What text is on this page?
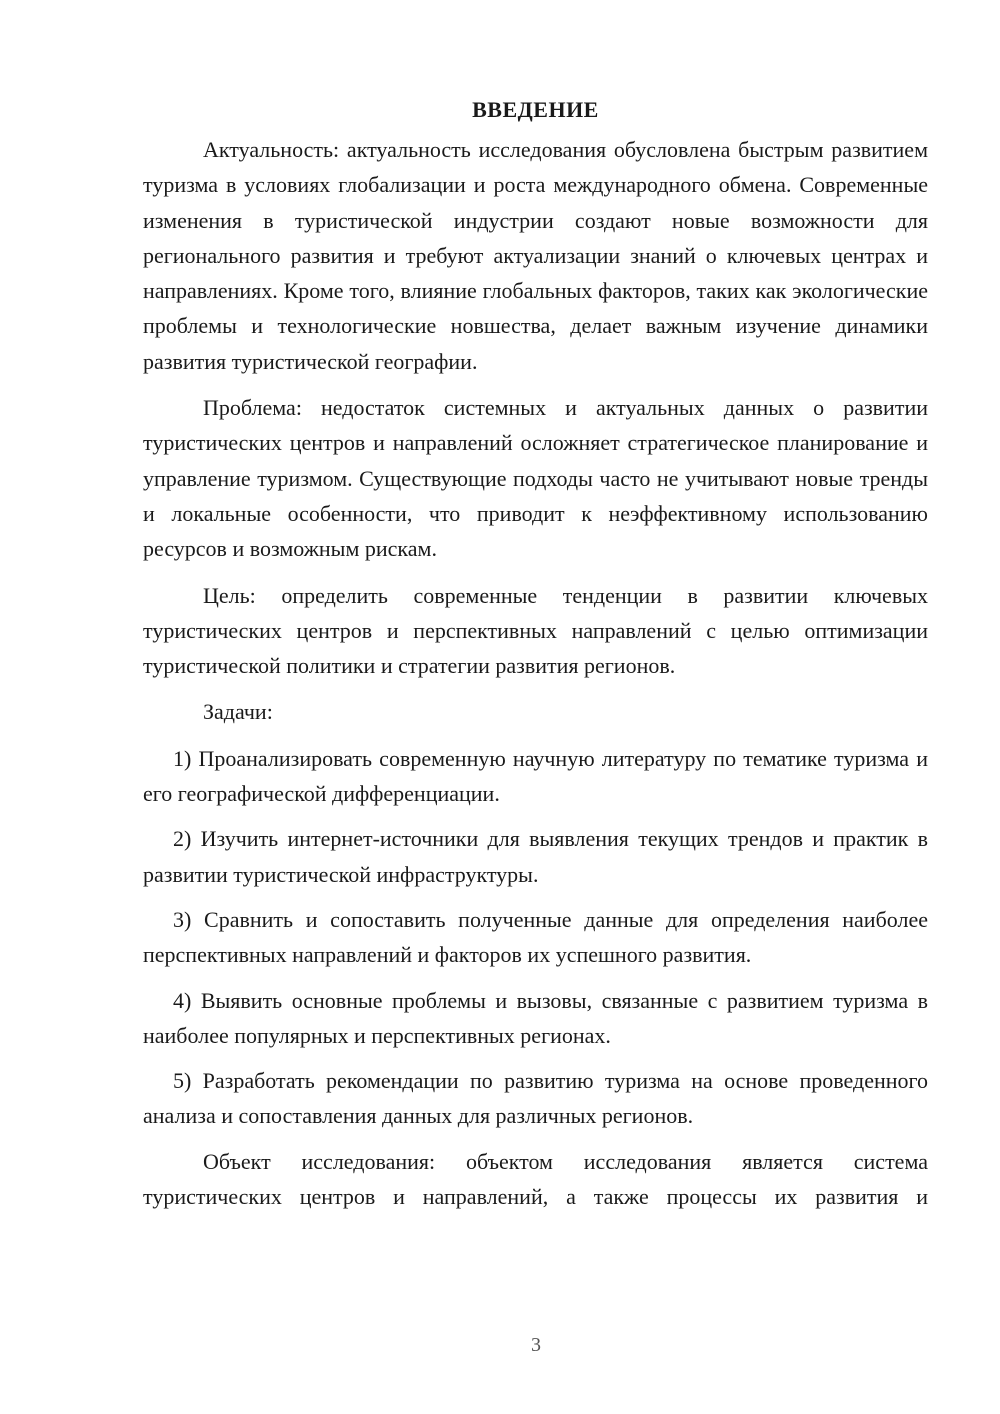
ВВЕДЕНИЕ

Актуальность: актуальность исследования обусловлена быстрым развитием туризма в условиях глобализации и роста международного обмена. Современные изменения в туристической индустрии создают новые возможности для регионального развития и требуют актуализации знаний о ключевых центрах и направлениях. Кроме того, влияние глобальных факторов, таких как экологические проблемы и технологические новшества, делает важным изучение динамики развития туристической географии.

Проблема: недостаток системных и актуальных данных о развитии туристических центров и направлений осложняет стратегическое планирование и управление туризмом. Существующие подходы часто не учитывают новые тренды и локальные особенности, что приводит к неэффективному использованию ресурсов и возможным рискам.

Цель: определить современные тенденции в развитии ключевых туристических центров и перспективных направлений с целью оптимизации туристической политики и стратегии развития регионов.

Задачи:

1) Проанализировать современную научную литературу по тематике туризма и его географической дифференциации.

2) Изучить интернет-источники для выявления текущих трендов и практик в развитии туристической инфраструктуры.

3) Сравнить и сопоставить полученные данные для определения наиболее перспективных направлений и факторов их успешного развития.

4) Выявить основные проблемы и вызовы, связанные с развитием туризма в наиболее популярных и перспективных регионах.

5) Разработать рекомендации по развитию туризма на основе проведенного анализа и сопоставления данных для различных регионов.

Объект исследования: объектом исследования является система туристических центров и направлений, а также процессы их развития и

3
